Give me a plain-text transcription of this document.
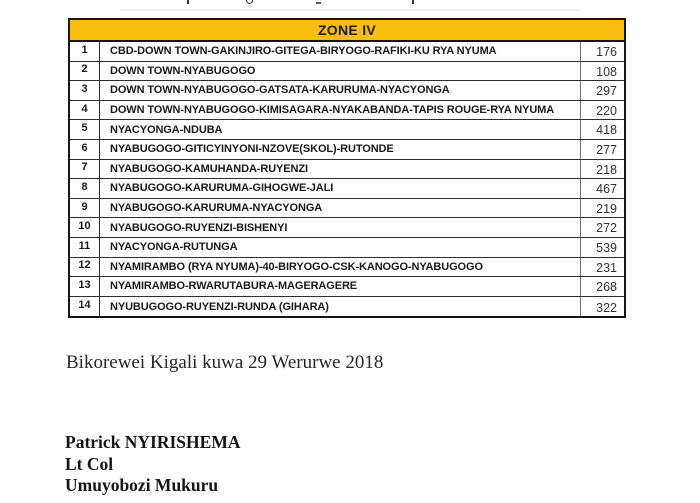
ZONE IV
1	CBD-DOWN TOWN-GAKINJIRO-GITEGA-BIRYOGO-RAFIKI-KU RYA NYUMA	176
2	DOWN TOWN-NYABUGOGO	108
3	DOWN TOWN-NYABUGOGO-GATSATA-KARURUMA-NYACYONGA	297
4	DOWN TOWN-NYABUGOGO-KIMISAGARA-NYAKABANDA-TAPIS ROUGE-RYA NYUMA	220
5	NYACYONGA-NDUBA	418
6	NYABUGOGO-GITICYINYONI-NZOVE(SKOL)-RUTONDE	277
7	NYABUGOGO-KAMUHANDA-RUYENZI	218
8	NYABUGOGO-KARURUMA-GIHOGWE-JALI	467
9	NYABUGOGO-KARURUMA-NYACYONGA	219
10	NYABUGOGO-RUYENZI-BISHENYI	272
11	NYACYONGA-RUTUNGA	539
12	NYAMIRAMBO (RYA NYUMA)-40-BIRYOGO-CSK-KANOGO-NYABUGOGO	231
13	NYAMIRAMBO-RWARUTABURA-MAGERAGERE	268
14	NYUBUGOGO-RUYENZI-RUNDA (GIHARA)	322
Bikorewei Kigali kuwa 29 Werurwe 2018
Patrick NYIRISHEMA
Lt Col
Umuyobozi Mukuru
